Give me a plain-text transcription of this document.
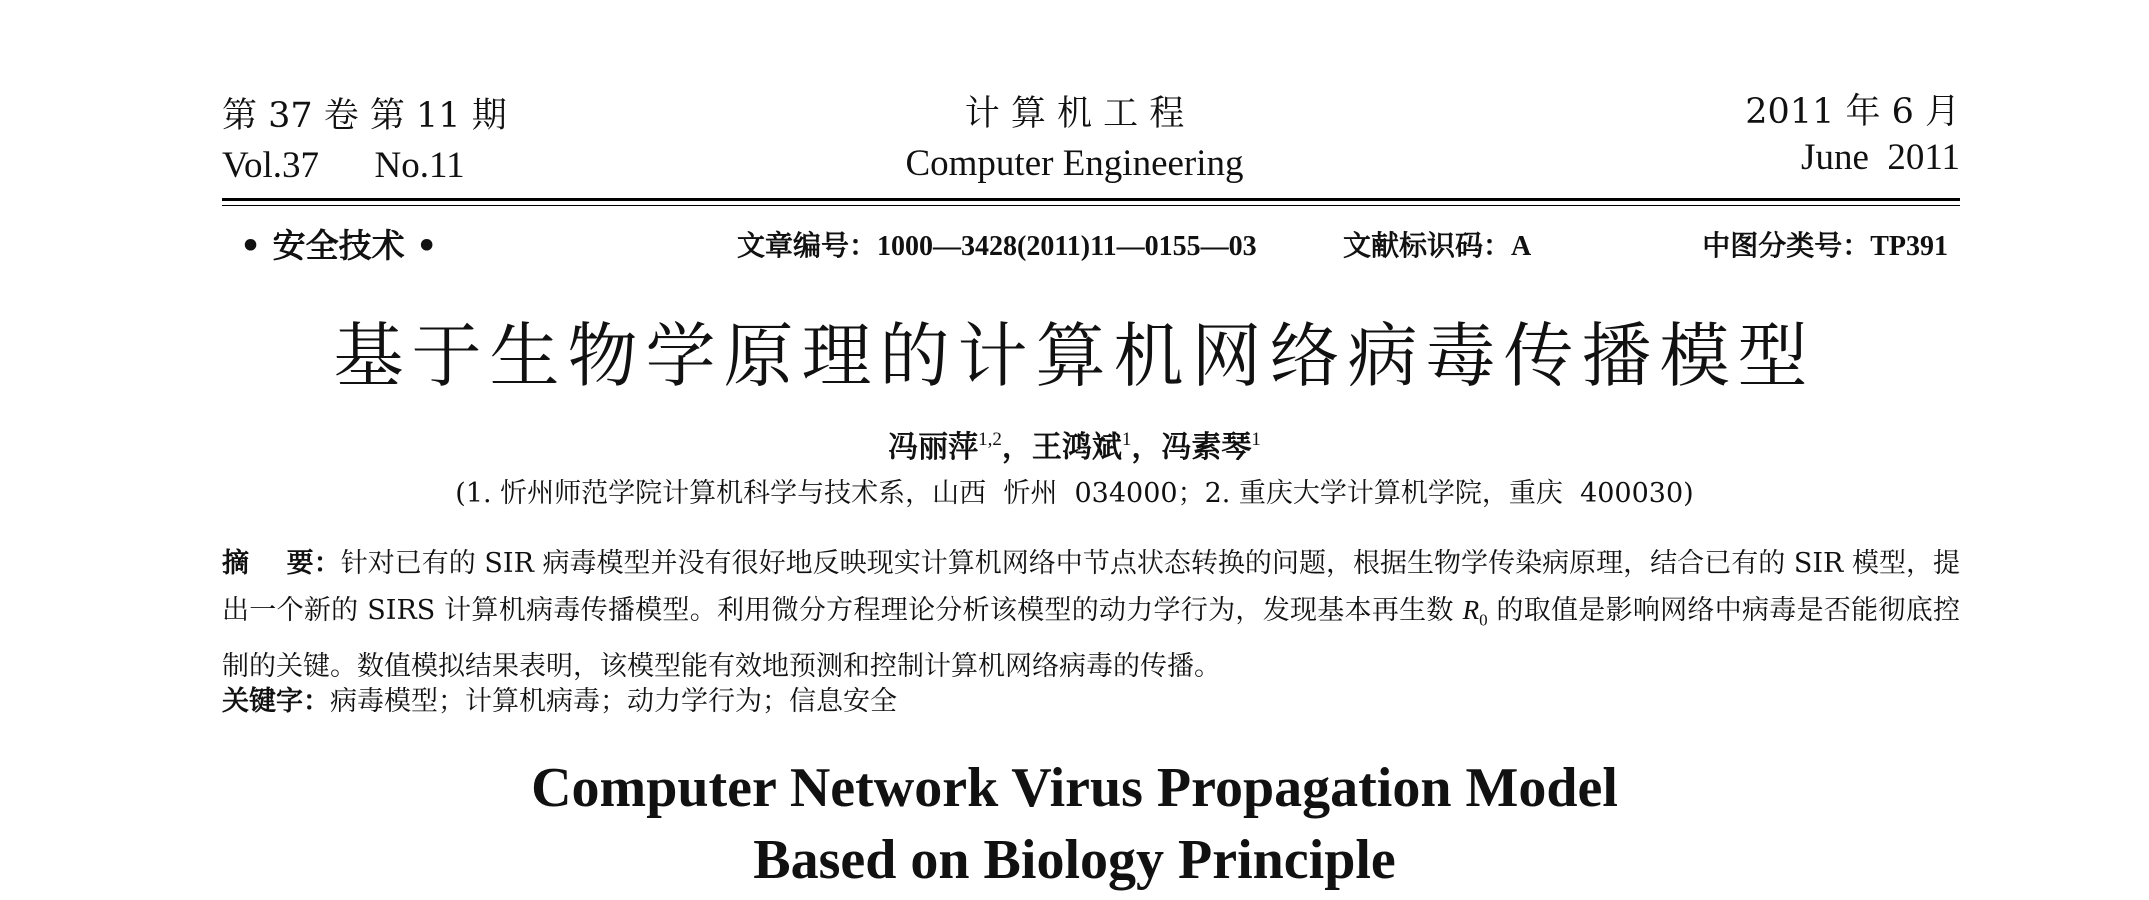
第 37 卷 第 11 期
Vol.37      No.11
计 算 机 工 程
Computer Engineering
2011 年 6 月
June  2011
• 安全技术 •	文章编号：1000—3428(2011)11—0155—03	文献标识码：A	中图分类号：TP391
基于生物学原理的计算机网络病毒传播模型
冯丽萍$^{1,2}$，王鸿斌$^1$，冯素琴$^1$
(1. 忻州师范学院计算机科学与技术系，山西  忻州  034000；2. 重庆大学计算机学院，重庆  400030)
摘    要：针对已有的 SIR 病毒模型并没有很好地反映现实计算机网络中节点状态转换的问题，根据生物学传染病原理，结合已有的 SIR 模型，提出一个新的 SIRS 计算机病毒传播模型。利用微分方程理论分析该模型的动力学行为，发现基本再生数 $R_0$ 的取值是影响网络中病毒是否能彻底控制的关键。数值模拟结果表明，该模型能有效地预测和控制计算机网络病毒的传播。
关键字：病毒模型；计算机病毒；动力学行为；信息安全
Computer Network Virus Propagation Model
Based on Biology Principle
